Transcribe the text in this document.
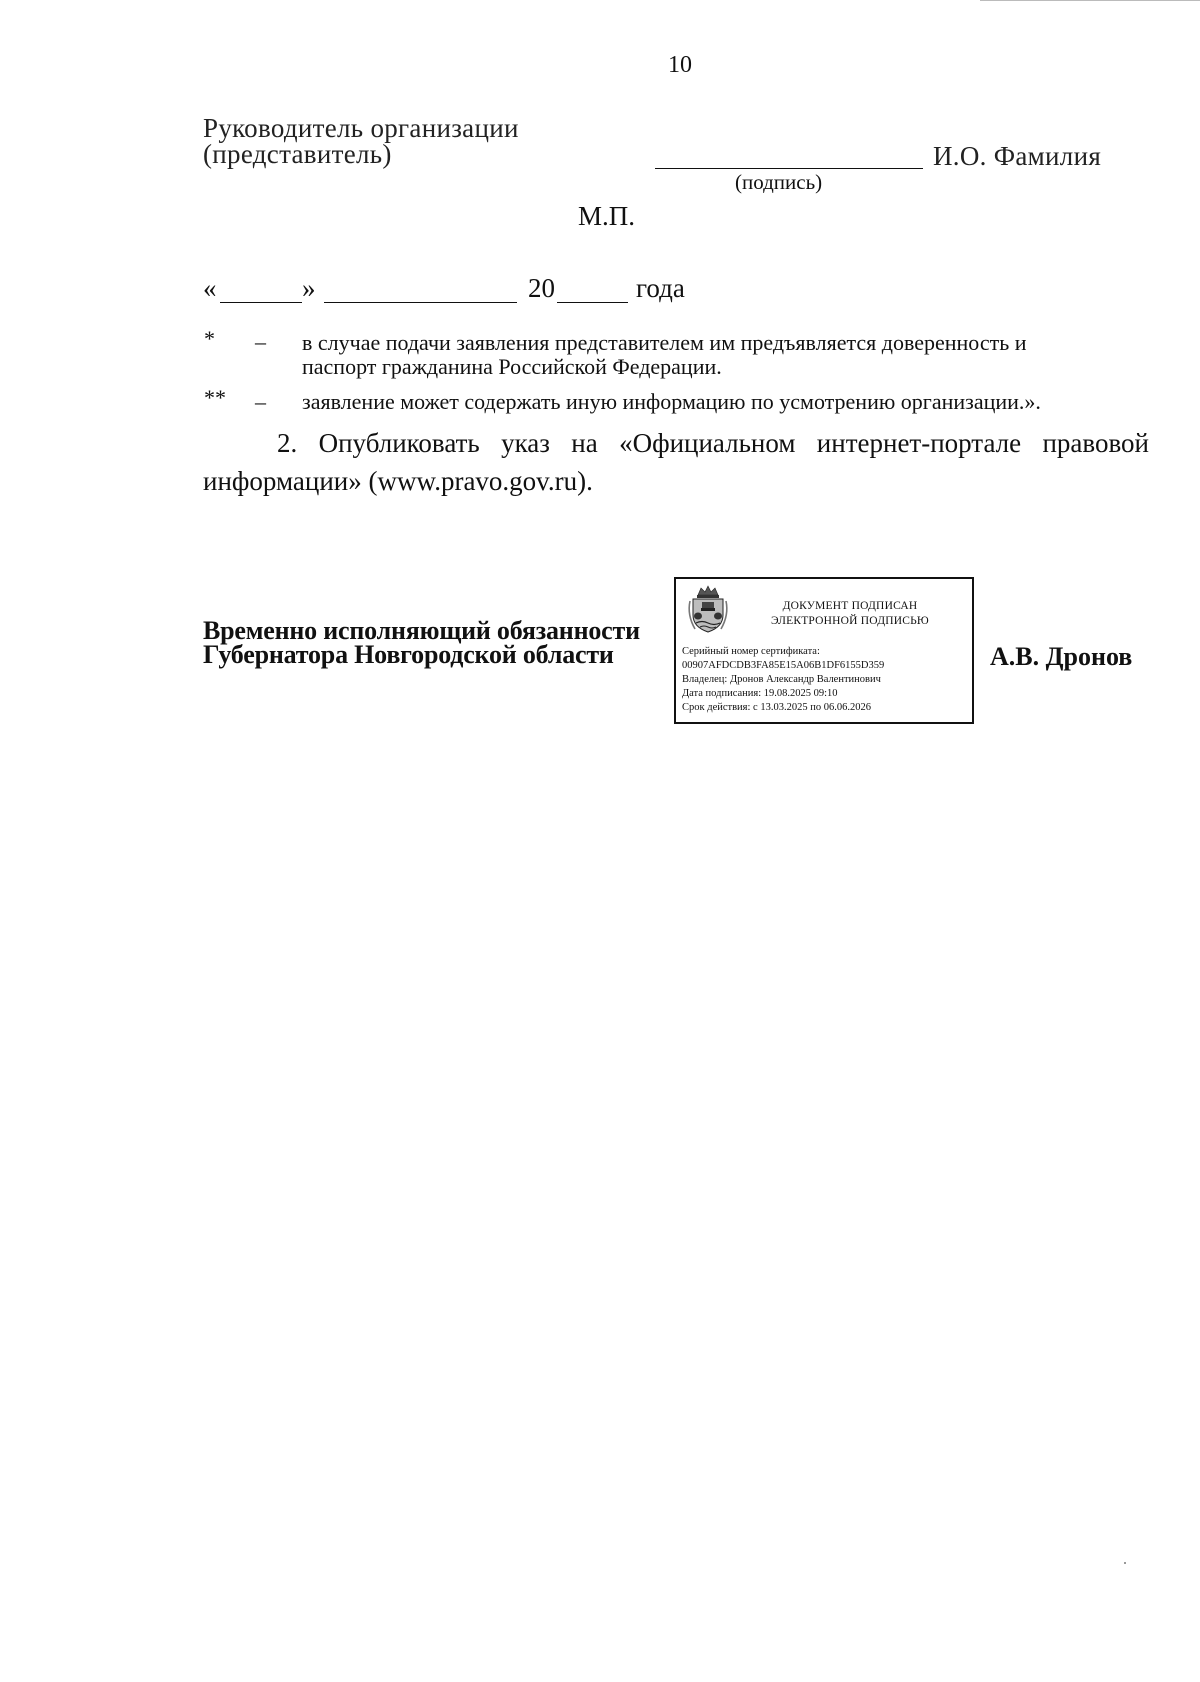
10
Руководитель организации
(представитель)
(подпись)
И.О. Фамилия
М.П.
«	»	20	года
* – в случае подачи заявления представителем им предъявляется доверенность и
паспорт гражданина Российской Федерации.
** – заявление может содержать иную информацию по усмотрению организации.».
2. Опубликовать указ на «Официальном интернет-портале правовой информации» (www.pravo.gov.ru).
Временно исполняющий обязанности
Губернатора Новгородской области
ДОКУМЕНТ ПОДПИСАН
ЭЛЕКТРОННОЙ ПОДПИСЬЮ
Серийный номер сертификата:
00907AFDCDB3FA85E15A06B1DF6155D359
Владелец: Дронов Александр Валентинович
Дата подписания: 19.08.2025 09:10
Срок действия: с 13.03.2025 по 06.06.2026
А.В. Дронов
